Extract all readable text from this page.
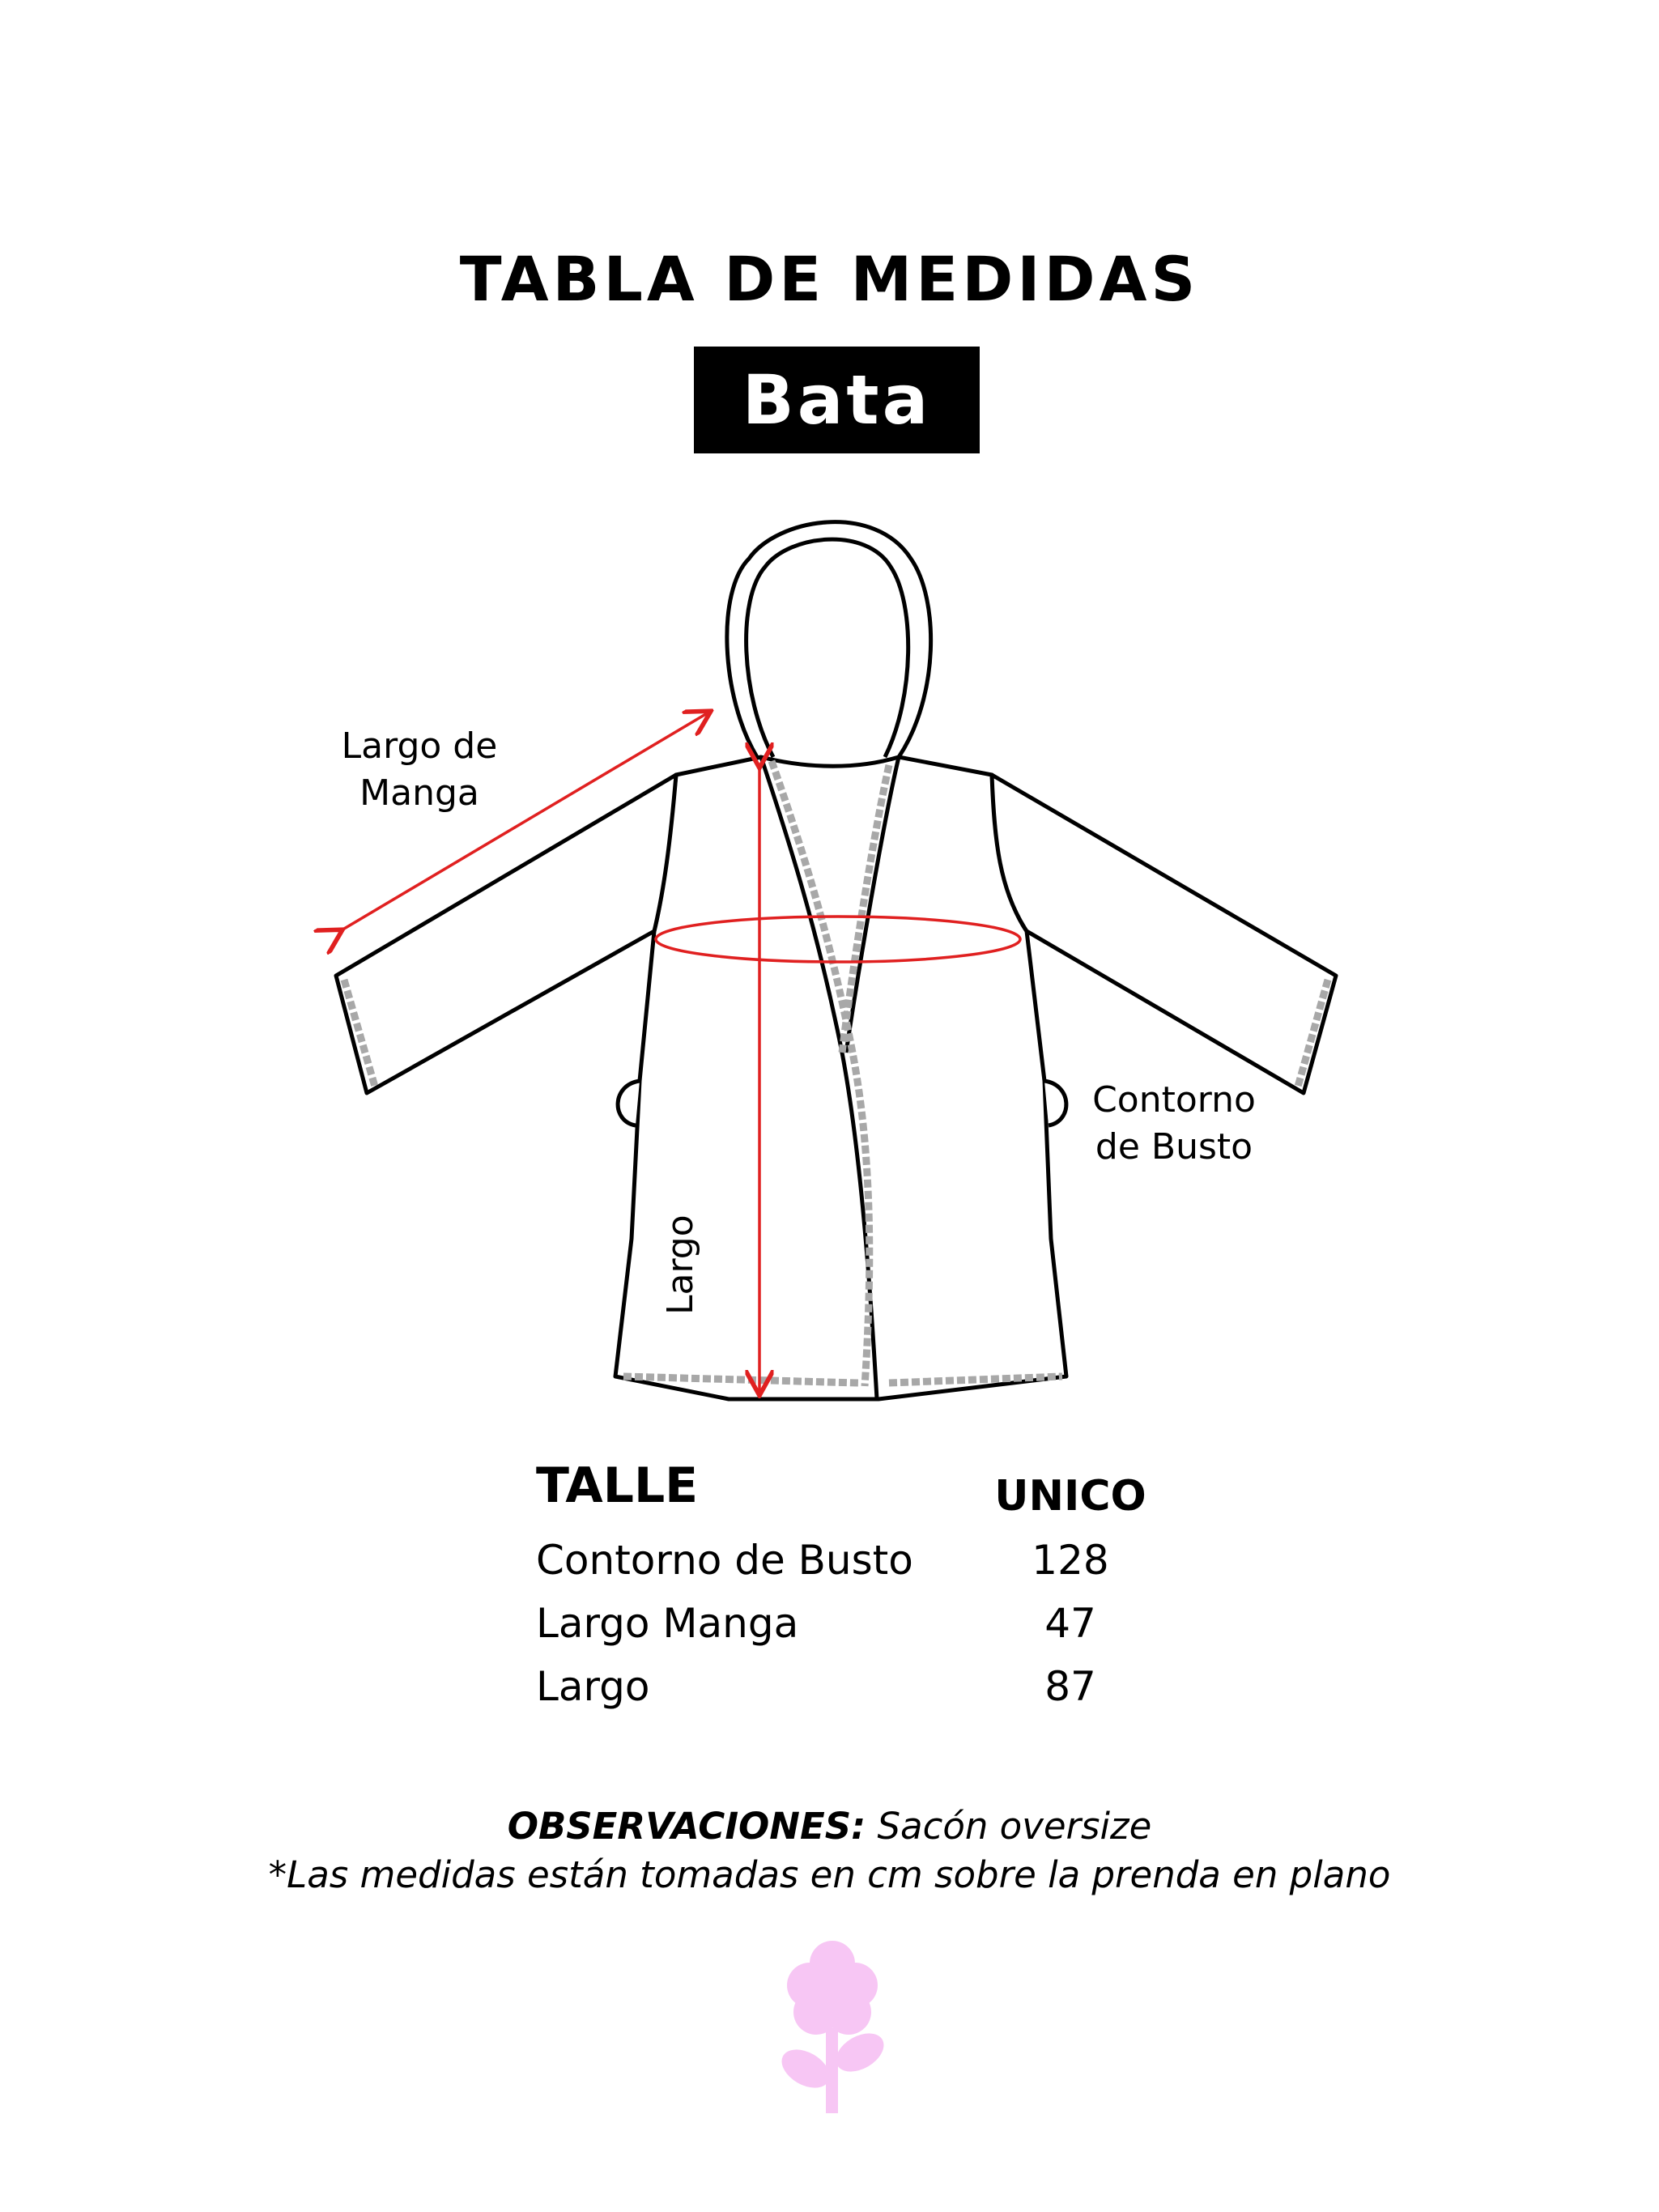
TABLA DE MEDIDAS
Bata
Largo de
Manga
Contorno
de Busto
Largo
TALLE	UNICO
Contorno de Busto	128
Largo Manga	47
Largo	87
OBSERVACIONES: Sacón oversize
*Las medidas están tomadas en cm sobre la prenda en plano
